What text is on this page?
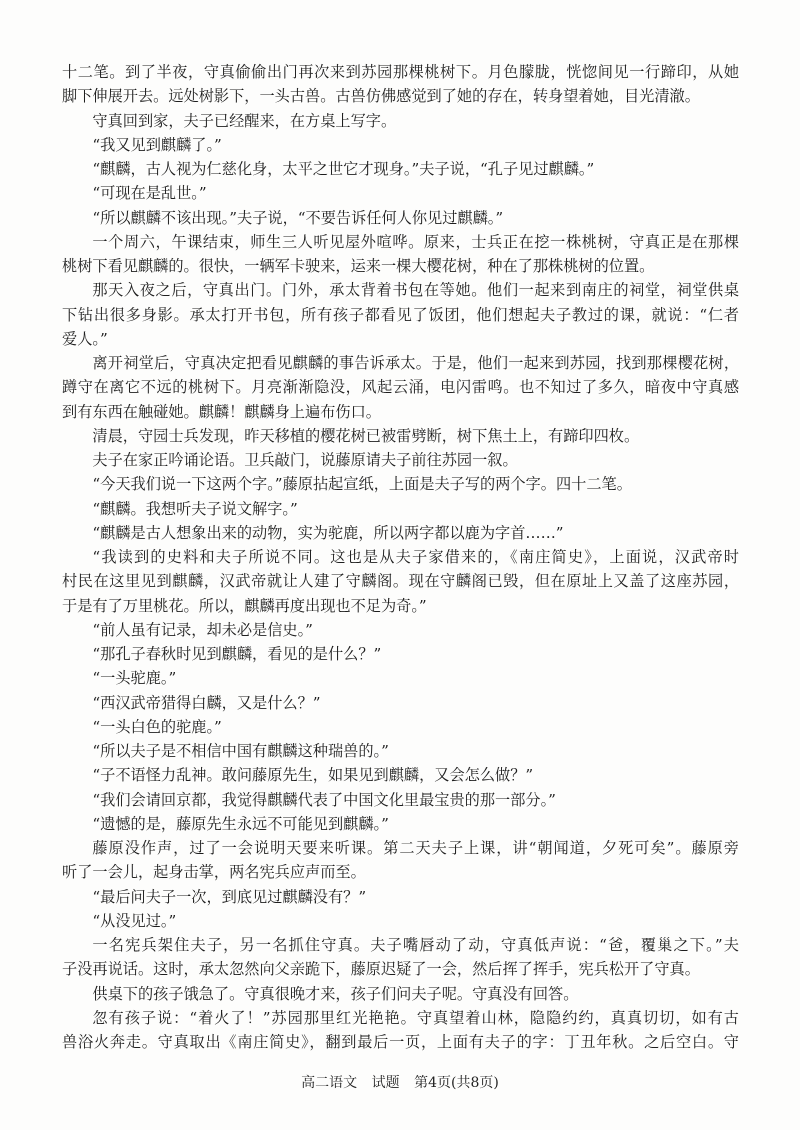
十二笔。到了半夜，守真偷偷出门再次来到苏园那棵桃树下。月色朦胧，恍惚间见一行蹄印，从她
脚下伸展开去。远处树影下，一头古兽。古兽仿佛感觉到了她的存在，转身望着她，目光清澈。

守真回到家，夫子已经醒来，在方桌上写字。

“我又见到麒麟了。”

“麒麟，古人视为仁慈化身，太平之世它才现身。”夫子说，“孔子见过麒麟。”

“可现在是乱世。”

“所以麒麟不该出现。”夫子说，“不要告诉任何人你见过麒麟。”

一个周六，午课结束，师生三人听见屋外喧哗。原来，士兵正在挖一株桃树，守真正是在那棵
桃树下看见麒麟的。很快，一辆军卡驶来，运来一棵大樱花树，种在了那株桃树的位置。

那天入夜之后，守真出门。门外，承太背着书包在等她。他们一起来到南庄的祠堂，祠堂供桌
下钻出很多身影。承太打开书包，所有孩子都看见了饭团，他们想起夫子教过的课，就说：“仁者
爱人。”

离开祠堂后，守真决定把看见麒麟的事告诉承太。于是，他们一起来到苏园，找到那棵樱花树，
蹲守在离它不远的桃树下。月亮渐渐隐没，风起云涌，电闪雷鸣。也不知过了多久，暗夜中守真感
到有东西在触碰她。麒麟！麒麟身上遍布伤口。

清晨，守园士兵发现，昨天移植的樱花树已被雷劈断，树下焦土上，有蹄印四枚。

夫子在家正吟诵论语。卫兵敲门，说藤原请夫子前往苏园一叙。

“今天我们说一下这两个字。”藤原拈起宣纸，上面是夫子写的两个字。四十二笔。

“麒麟。我想听夫子说文解字。”

“麒麟是古人想象出来的动物，实为驼鹿，所以两字都以鹿为字首……”

“我读到的史料和夫子所说不同。这也是从夫子家借来的，《南庄简史》，上面说，汉武帝时
村民在这里见到麒麟，汉武帝就让人建了守麟阁。现在守麟阁已毁，但在原址上又盖了这座苏园，
于是有了万里桃花。所以，麒麟再度出现也不足为奇。”

“前人虽有记录，却未必是信史。”

“那孔子春秋时见到麒麟，看见的是什么？”

“一头驼鹿。”

“西汉武帝猎得白麟，又是什么？”

“一头白色的驼鹿。”

“所以夫子是不相信中国有麒麟这种瑞兽的。”

“子不语怪力乱神。敢问藤原先生，如果见到麒麟，又会怎么做？”

“我们会请回京都，我觉得麒麟代表了中国文化里最宝贵的那一部分。”

“遗憾的是，藤原先生永远不可能见到麒麟。”

藤原没作声，过了一会说明天要来听课。第二天夫子上课，讲“朝闻道，夕死可矣”。藤原旁
听了一会儿，起身击掌，两名宪兵应声而至。

“最后问夫子一次，到底见过麒麟没有？”

“从没见过。”

一名宪兵架住夫子，另一名抓住守真。夫子嘴唇动了动，守真低声说：“爸，覆巢之下。”夫
子没再说话。这时，承太忽然向父亲跪下，藤原迟疑了一会，然后挥了挥手，宪兵松开了守真。

供桌下的孩子饿急了。守真很晚才来，孩子们问夫子呢。守真没有回答。

忽有孩子说：“着火了！”苏园那里红光艳艳。守真望着山林，隐隐约约，真真切切，如有古
兽浴火奔走。守真取出《南庄简史》，翻到最后一页，上面有夫子的字：丁丑年秋。之后空白。守

高二语文 试题 第4页(共8页)
